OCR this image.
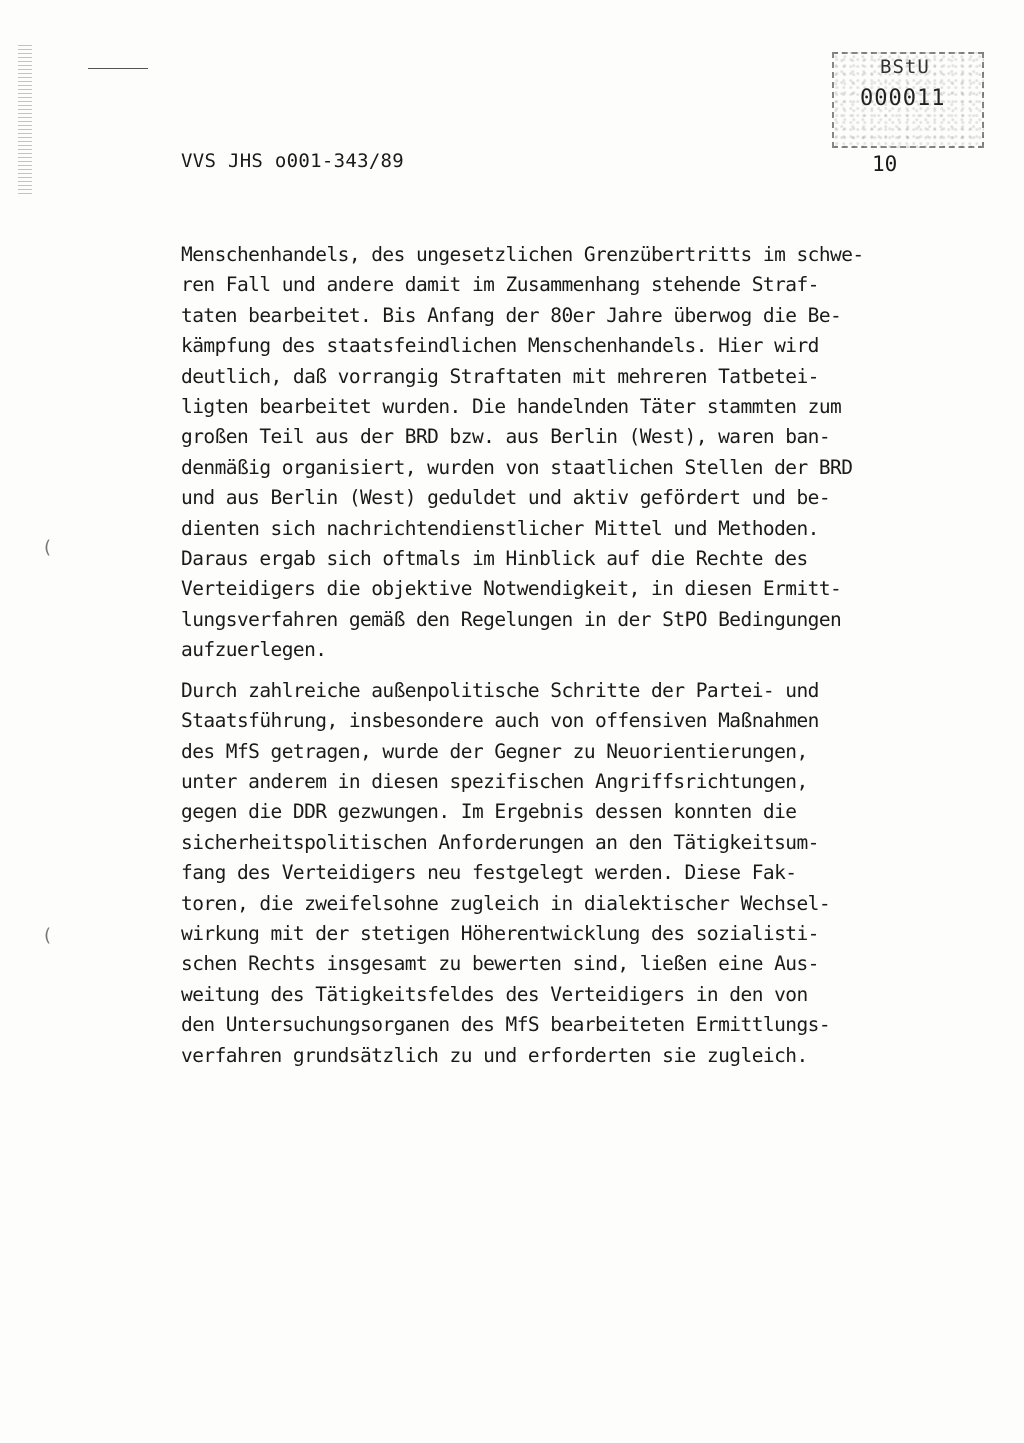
BStU
000011
VVS JHS o001-343/89	10
Menschenhandels, des ungesetzlichen Grenzübertritts im schwe-
ren Fall und andere damit im Zusammenhang stehende Straf-
taten bearbeitet. Bis Anfang der 80er Jahre überwog die Be-
kämpfung des staatsfeindlichen Menschenhandels. Hier wird
deutlich, daß vorrangig Straftaten mit mehreren Tatbetei-
ligten bearbeitet wurden. Die handelnden Täter stammten zum
großen Teil aus der BRD bzw. aus Berlin (West), waren ban-
denmäßig organisiert, wurden von staatlichen Stellen der BRD
und aus Berlin (West) geduldet und aktiv gefördert und be-
dienten sich nachrichtendienstlicher Mittel und Methoden.
Daraus ergab sich oftmals im Hinblick auf die Rechte des
Verteidigers die objektive Notwendigkeit, in diesen Ermitt-
lungsverfahren gemäß den Regelungen in der StPO Bedingungen
aufzuerlegen.
Durch zahlreiche außenpolitische Schritte der Partei- und
Staatsführung, insbesondere auch von offensiven Maßnahmen
des MfS getragen, wurde der Gegner zu Neuorientierungen,
unter anderem in diesen spezifischen Angriffsrichtungen,
gegen die DDR gezwungen. Im Ergebnis dessen konnten die
sicherheitspolitischen Anforderungen an den Tätigkeitsum-
fang des Verteidigers neu festgelegt werden. Diese Fak-
toren, die zweifelsohne zugleich in dialektischer Wechsel-
wirkung mit der stetigen Höherentwicklung des sozialisti-
schen Rechts insgesamt zu bewerten sind, ließen eine Aus-
weitung des Tätigkeitsfeldes des Verteidigers in den von
den Untersuchungsorganen des MfS bearbeiteten Ermittlungs-
verfahren grundsätzlich zu und erforderten sie zugleich.
(
(
